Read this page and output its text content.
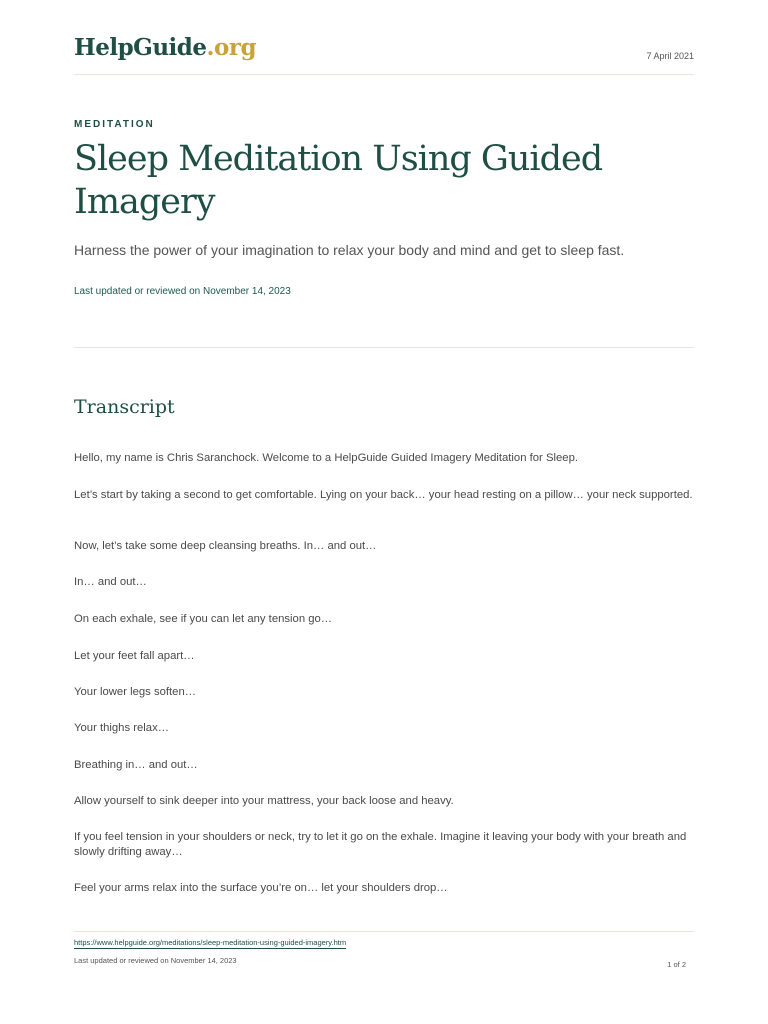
HelpGuide.org	7 April 2021
MEDITATION
Sleep Meditation Using Guided Imagery
Harness the power of your imagination to relax your body and mind and get to sleep fast.
Last updated or reviewed on November 14, 2023
Transcript

Hello, my name is Chris Saranchock. Welcome to a HelpGuide Guided Imagery Meditation for Sleep.

Let’s start by taking a second to get comfortable. Lying on your back… your head resting on a pillow… your neck supported.

Now, let’s take some deep cleansing breaths. In… and out…

In… and out…

On each exhale, see if you can let any tension go…

Let your feet fall apart…

Your lower legs soften…

Your thighs relax…

Breathing in… and out…

Allow yourself to sink deeper into your mattress, your back loose and heavy.

If you feel tension in your shoulders or neck, try to let it go on the exhale. Imagine it leaving your body with your breath and slowly drifting away…

Feel your arms relax into the surface you’re on… let your shoulders drop…

https://www.helpguide.org/meditations/sleep-meditation-using-guided-imagery.htm
Last updated or reviewed on November 14, 2023	1 of 2
